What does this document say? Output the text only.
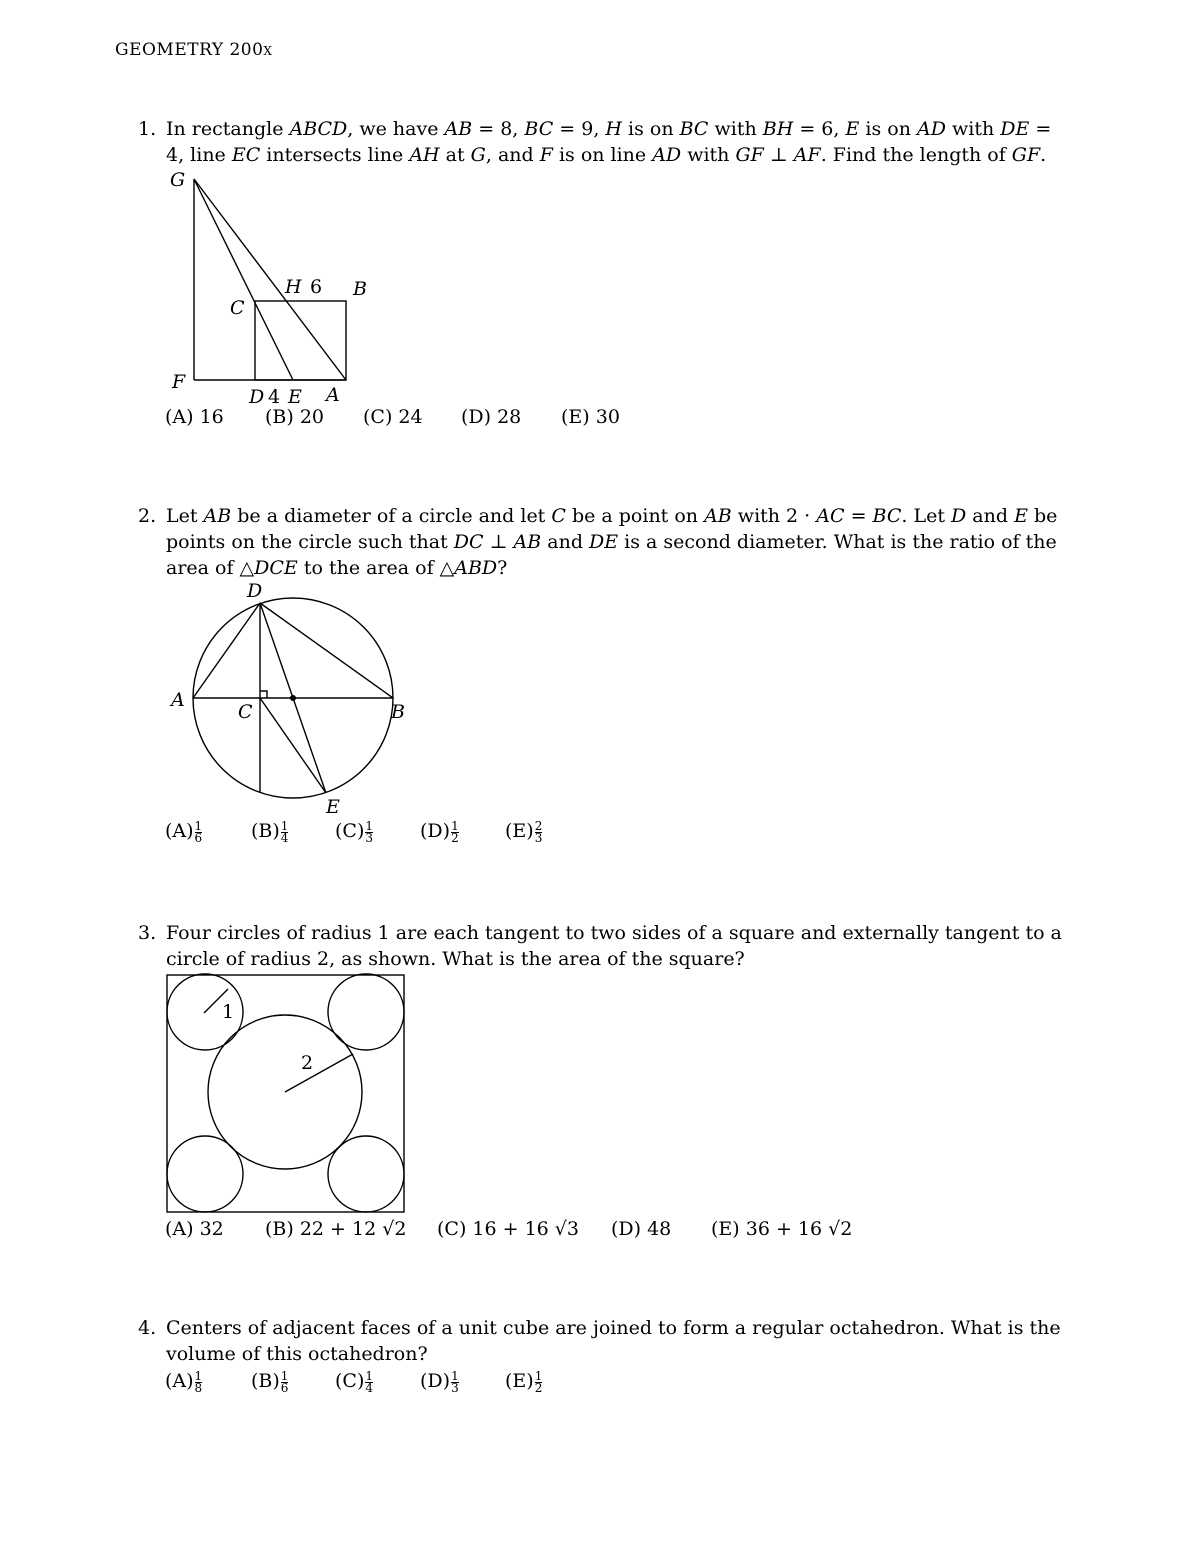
GEOMETRY 200x
1. In rectangle ABCD, we have AB = 8, BC = 9, H is on BC with BH = 6, E is on AD with DE = 4, line EC intersects line AH at G, and F is on line AD with GF ⊥ AF. Find the length of GF.
G
H 6 B
C
F
D 4 E A
(A) 16 (B) 20 (C) 24 (D) 28 (E) 30
2. Let AB be a diameter of a circle and let C be a point on AB with 2 · AC = BC. Let D and E be points on the circle such that DC ⊥ AB and DE is a second diameter. What is the ratio of the area of △DCE to the area of △ABD?
D
A
C	B
E
$(A) \frac{1}{6}$	$(B) \frac{1}{4} (C) \frac{1}{3} (D) \frac{1}{2} (E) \frac{2}{3}$
3. Four circles of radius 1 are each tangent to two sides of a square and externally tangent to a circle of radius 2, as shown. What is the area of the square?
1
2
(A) 32 (B) 22 + 12 √2 (C) 16 + 16 √3 (D) 48 (E) 36 + 16 √2
4. Centers of adjacent faces of a unit cube are joined to form a regular octahedron. What is the volume of this octahedron?
$(A) \frac{1}{8}$	$(B) \frac{1}{6} (C) \frac{1}{4} (D) \frac{1}{3} (E) \frac{1}{2}$
